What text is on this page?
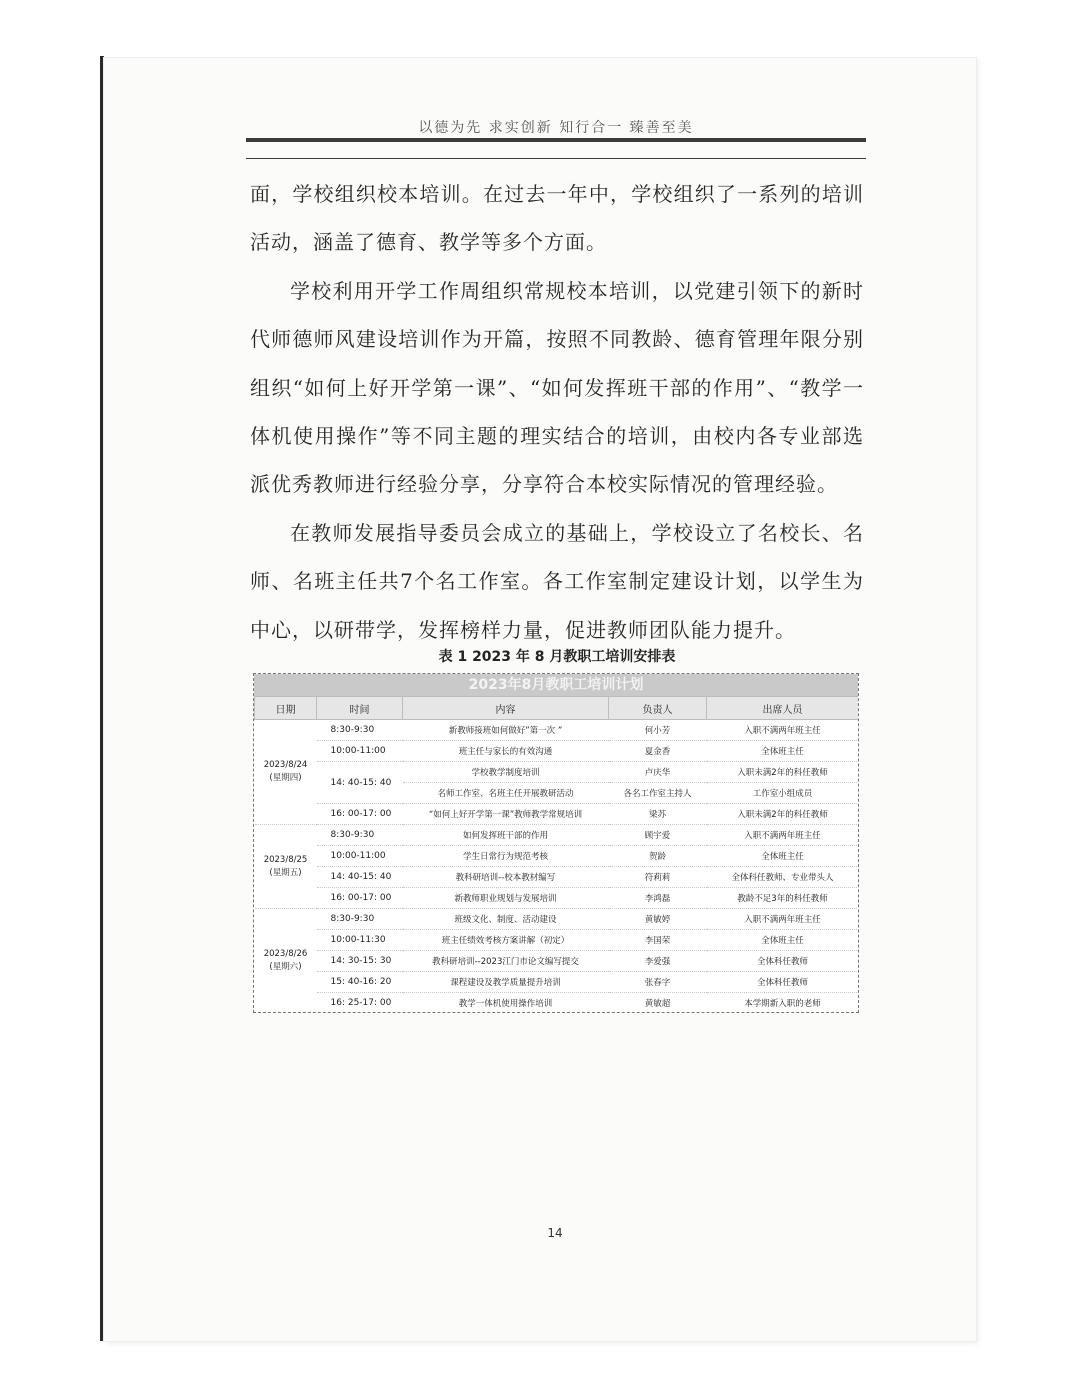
以德为先 求实创新 知行合一 臻善至美

面，学校组织校本培训。在过去一年中，学校组织了一系列的培训活动，涵盖了德育、教学等多个方面。

学校利用开学工作周组织常规校本培训，以党建引领下的新时代师德师风建设培训作为开篇，按照不同教龄、德育管理年限分别组织“如何上好开学第一课”、“如何发挥班干部的作用”、“教学一体机使用操作”等不同主题的理实结合的培训，由校内各专业部选派优秀教师进行经验分享，分享符合本校实际情况的管理经验。

在教师发展指导委员会成立的基础上，学校设立了名校长、名师、名班主任共7个名工作室。各工作室制定建设计划，以学生为中心，以研带学，发挥榜样力量，促进教师团队能力提升。

表 1 2023 年 8 月教职工培训安排表
2023年8月教职工培训计划
日期	时间	内容	负责人	出席人员
2023/8/24
(星期四)	8:30-9:30	新教师接班如何做好”第一次 ”	何小芳	入职不满两年班主任
	10:00-11:00	班主任与家长的有效沟通	夏金香	全体班主任
	14: 40-15: 40	学校教学制度培训	卢庆华	入职未满2年的科任教师
		名师工作室、名班主任开展教研活动	各名工作室主持人	工作室小组成员
	16: 00-17: 00	“如何上好开学第一课”教师教学常规培训	梁苏	入职未满2年的科任教师
2023/8/25
(星期五)	8:30-9:30	如何发挥班干部的作用	顾宇爱	入职不满两年班主任
	10:00-11:00	学生日常行为规范考核	贺龄	全体班主任
	14: 40-15: 40	教科研培训--校本教材编写	符莉莉	全体科任教师、专业带头人
	16: 00-17: 00	新教师职业规划与发展培训	李鸿磊	教龄不足3年的科任教师
2023/8/26
(星期六)	8:30-9:30	班级文化、制度、活动建设	黄敏婷	入职不满两年班主任
	10:00-11:30	班主任绩效考核方案讲解（初定）	李国荣	全体班主任
	14: 30-15: 30	教科研培训--2023江门市论文编写提交	李爱强	全体科任教师
	15: 40-16: 20	课程建设及教学质量提升培训	张春字	全体科任教师
	16: 25-17: 00	教学一体机使用操作培训	黄敏超	本学期新入职的老师
14
